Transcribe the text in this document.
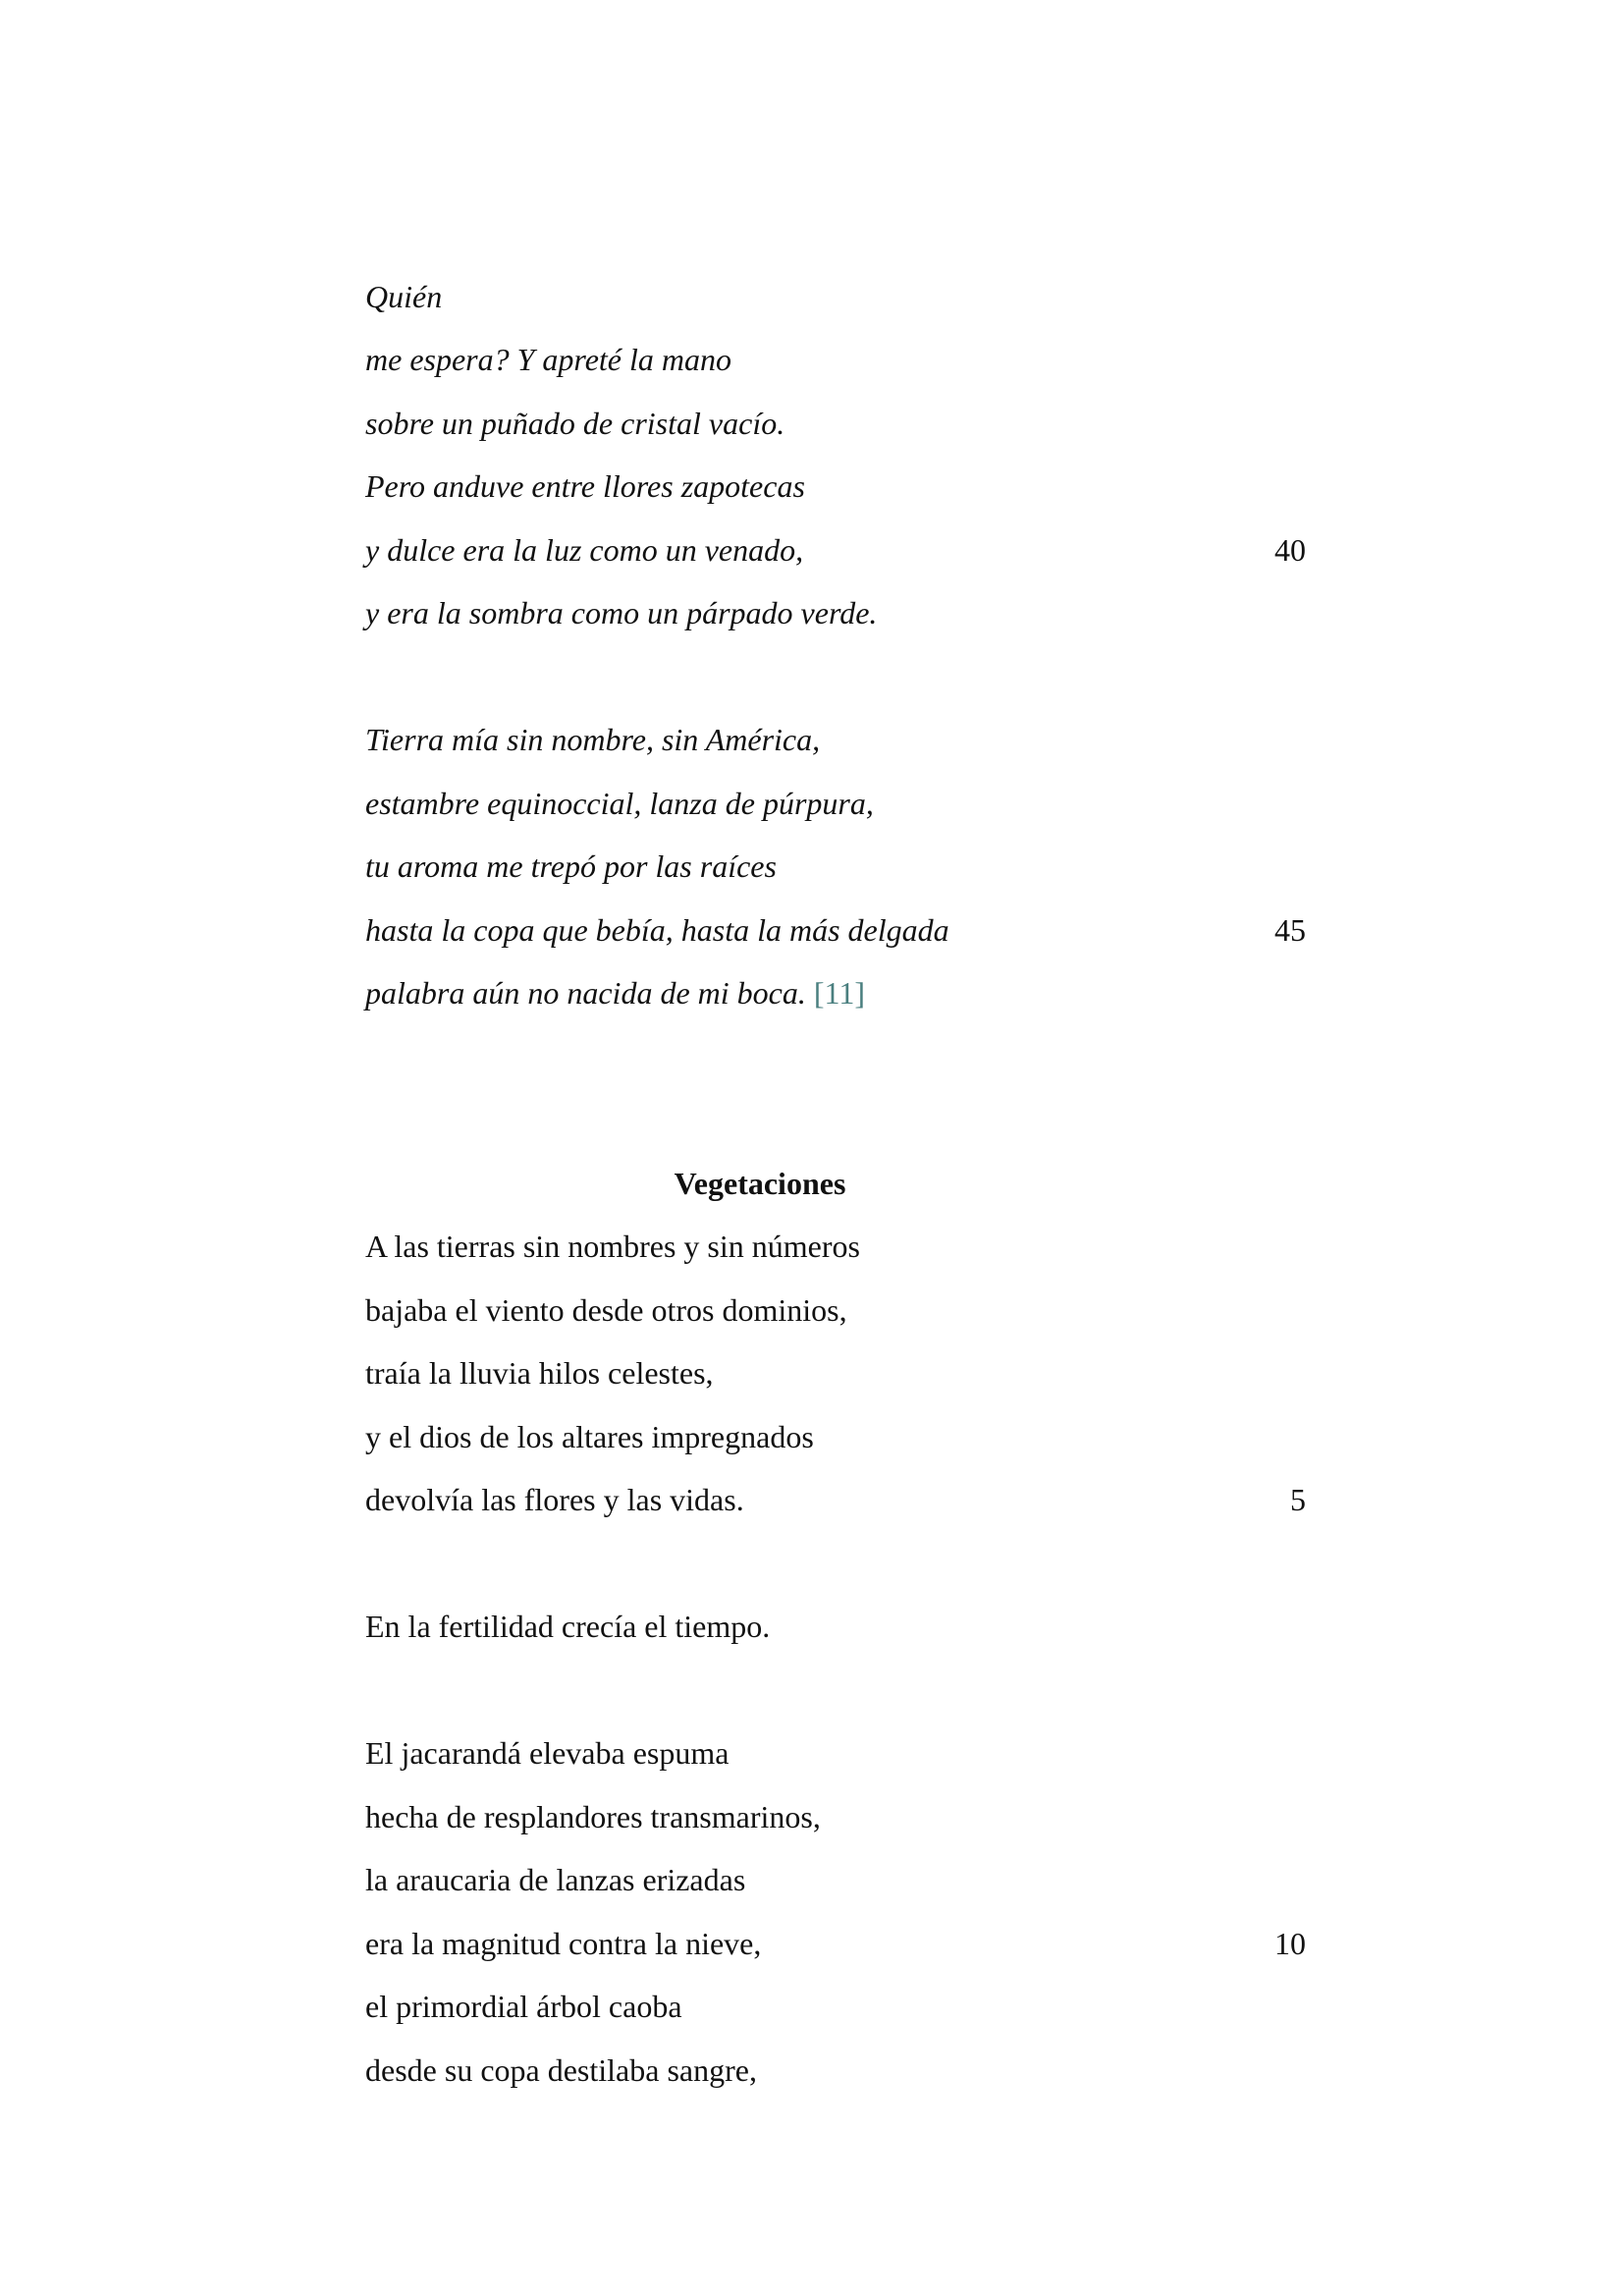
Quién
me espera? Y apreté la mano
sobre un puñado de cristal vacío.
Pero anduve entre llores zapotecas
y dulce era la luz como un venado,	40
y era la sombra como un párpado verde.
Tierra mía sin nombre, sin América,
estambre equinoccial, lanza de púrpura,
tu aroma me trepó por las raíces
hasta la copa que bebía, hasta la más delgada	45
palabra aún no nacida de mi boca. [11]
Vegetaciones
A las tierras sin nombres y sin números
bajaba el viento desde otros dominios,
traía la lluvia hilos celestes,
y el dios de los altares impregnados
devolvía las flores y las vidas.	5
En la fertilidad crecía el tiempo.
El jacarandá elevaba espuma
hecha de resplandores transmarinos,
la araucaria de lanzas erizadas
era la magnitud contra la nieve,	10
el primordial árbol caoba
desde su copa destilaba sangre,
